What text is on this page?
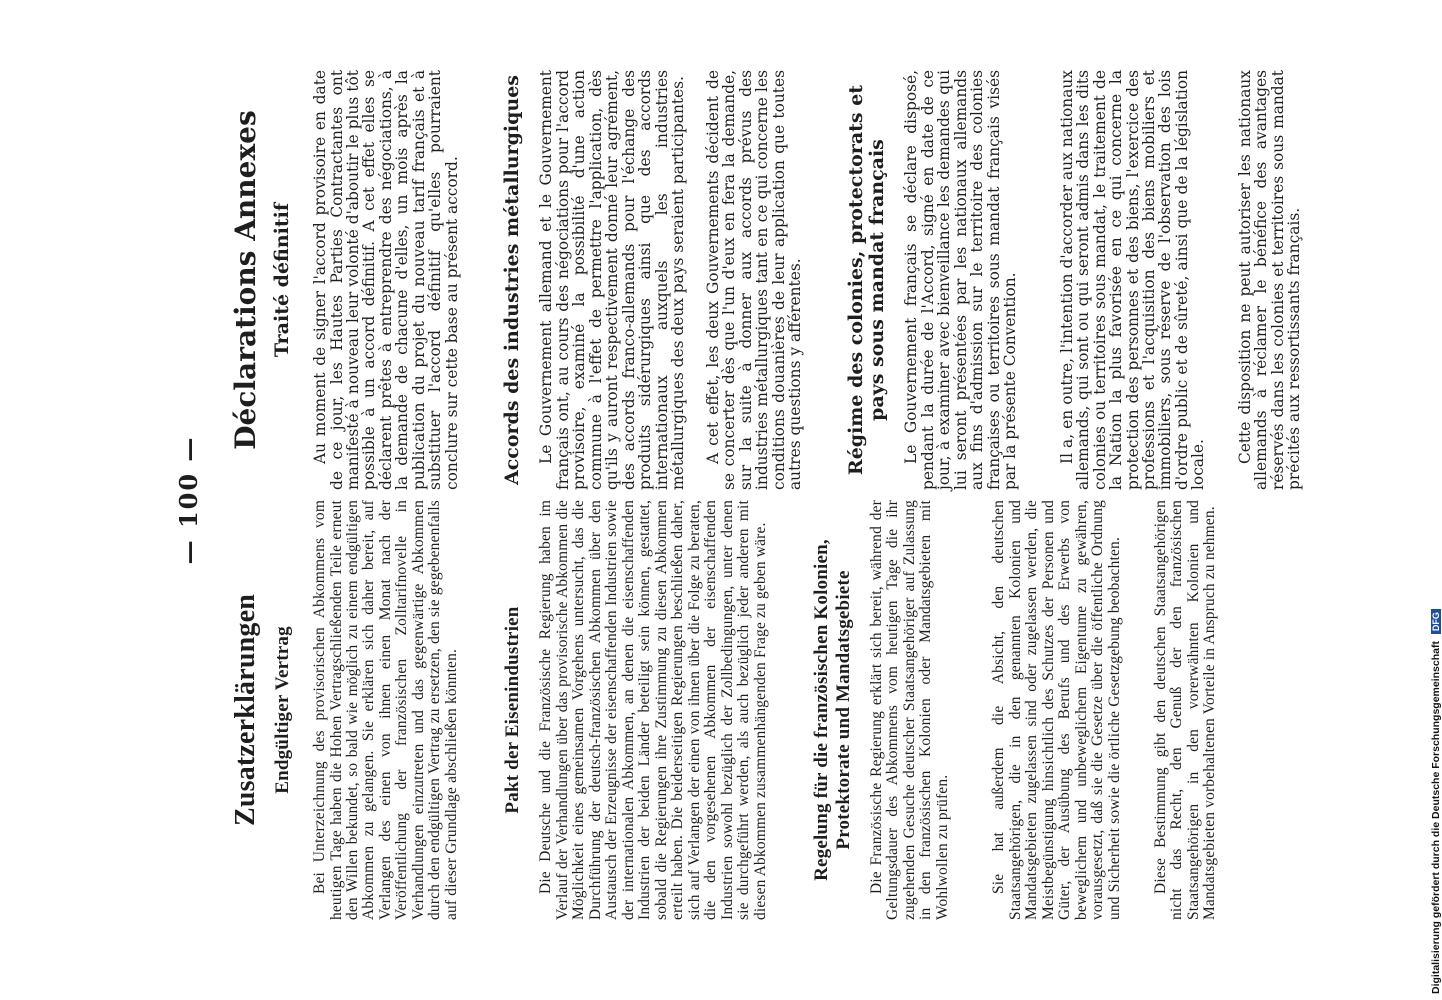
— 100 —
Zusatzerklärungen Endgültiger Vertrag Bei Unterzeichnung des provisorischen Abkommens vom heutigen Tage haben die Hohen Vertragschließenden Teile erneut den Willen bekundet, so bald wie möglich zu einem endgültigen Abkommen zu gelangen. Sie erklären sich daher bereit, auf Verlangen des einen von ihnen einen Monat nach der Veröffentlichung der französischen Zolltarifnovelle in Verhandlungen einzutreten und das gegenwärtige Abkommen durch den endgültigen Vertrag zu ersetzen, den sie gegebenenfalls auf dieser Grundlage abschließen könnten. Pakt der Eisenindustrien Die Deutsche und die Französische Regierung haben im Verlauf der Verhandlungen über das provisorische Abkommen die Möglichkeit eines gemeinsamen Vorgehens untersucht, das die Durchführung der deutsch-französischen Abkommen über den Austausch der Erzeugnisse der eisenschaffenden Industrien sowie der internationalen Abkommen, an denen die eisenschaffenden Industrien der beiden Länder beteiligt sein können, gestattet, sobald die Regierungen ihre Zustimmung zu diesen Abkommen erteilt haben. Die beiderseitigen Regierungen beschließen daher, sich auf Verlangen der einen von ihnen über die Folge zu beraten, die den vorgesehenen Abkommen der eisenschaffenden Industrien sowohl bezüglich der Zollbedingungen, unter denen sie durchgeführt werden, als auch bezüglich jeder anderen mit diesen Abkommen zusammenhängenden Frage zu geben wäre. Regelung für die französischen Kolonien, Protektorate und Mandatsgebiete Die Französische Regierung erklärt sich bereit, während der Geltungsdauer des Abkommens vom heutigen Tage die ihr zugehenden Gesuche deutscher Staatsangehöriger auf Zulassung in den französischen Kolonien oder Mandatsgebieten mit Wohlwollen zu prüfen.	Sie hat außerdem die Absicht, den deutschen Staatsangehörigen, die in den genannten Kolonien und Mandatsgebieten zugelassen sind oder zugelassen werden, die Meistbegünstigung hinsichtlich des Schutzes der Personen und Güter, der Ausübung des Berufs und des Erwerbs von beweglichem und unbeweglichem Eigentume zu gewähren, vorausgesetzt, daß sie die Gesetze über die öffentliche Ordnung und Sicherheit sowie die örtliche Gesetzgebung beobachten. Diese Bestimmung gibt den deutschen Staatsangehörigen nicht das Recht, den Genuß der den französischen Staatsangehörigen in den vorerwähnten Kolonien und Mandatsgebieten vorbehaltenen Vorteile in Anspruch zu nehmen.

Déclarations Annexes Traité définitif Au moment de signer l'accord provisoire en date de ce jour, les Hautes Parties Contractantes ont manifesté à nouveau leur volonté d'aboutir le plus tôt possible à un accord définitif. A cet effet elles se déclarent prêtes à entreprendre des négociations, à la demande de chacune d'elles, un mois après la publication du projet du nouveau tarif français et à substituer l'accord définitif qu'elles pourraient conclure sur cette base au présent accord. Accords des industries métallurgiques Le Gouvernement allemand et le Gouvernement français ont, au cours des négociations pour l'accord provisoire, examiné la possibilité d'une action commune à l'effet de permettre l'application, dès qu'ils y auront respectivement donné leur agrément, des accords franco-allemands pour l'échange des produits sidérurgiques ainsi que des accords internationaux auxquels les industries métallurgiques des deux pays seraient participantes. A cet effet, les deux Gouvernements décident de se concerter dès que l'un d'eux en fera la demande, sur la suite à donner aux accords prévus des industries métallurgiques tant en ce qui concerne les conditions douanières de leur application que toutes autres questions y afférentes. Régime des colonies, protectorats et pays sous mandat français Le Gouvernement français se déclare disposé, pendant la durée de l'Accord, signé en date de ce jour, à examiner avec bienveillance les demandes qui lui seront présentées par les nationaux allemands aux fins d'admission sur le territoire des colonies françaises ou territoires sous mandat français visés par la présente Convention. Il a, en outre, l'intention d'accorder aux nationaux allemands, qui sont ou qui seront admis dans les dits colonies ou territoires sous mandat, le traitement de la Nation la plus favorisée en ce qui concerne la protection des personnes et des biens, l'exercice des professions et l'acquisition des biens mobiliers et immobiliers, sous réserve de l'observation des lois d'ordre public et de sûreté, ainsi que de la législation locale.

Cette disposition ne peut autoriser les nationaux allemands à réclamer le bénéfice des avantages réservés dans les colonies et territoires sous mandat précités aux ressortissants français.

Digitalisierung gefördert durch die Deutsche Forschungsgemeinschaft DFG
